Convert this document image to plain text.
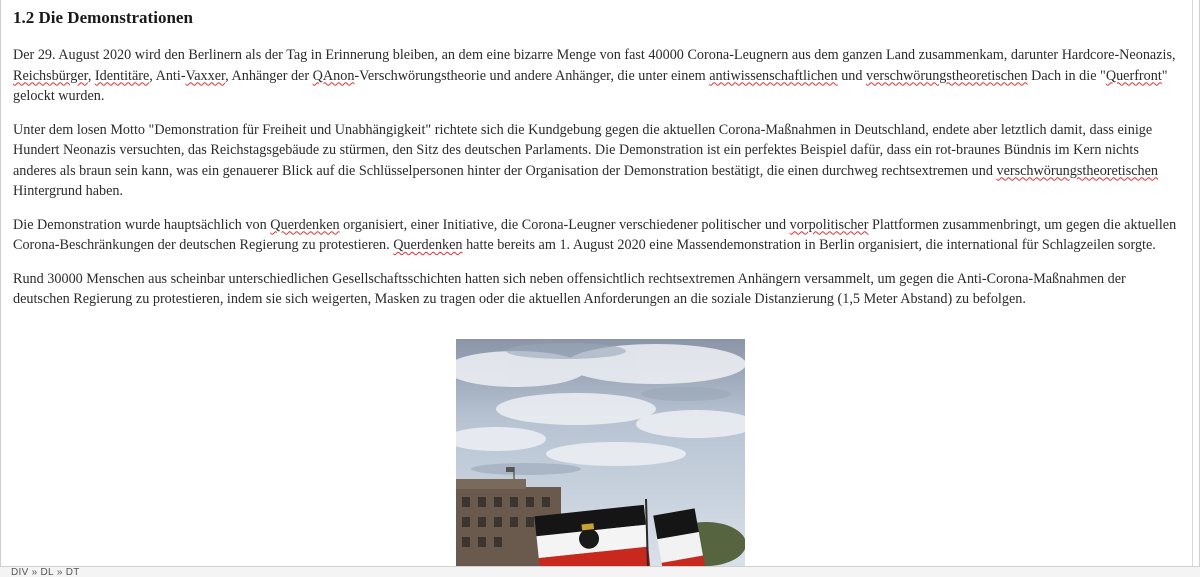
1.2 Die Demonstrationen

Der 29. August 2020 wird den Berlinern als der Tag in Erinnerung bleiben, an dem eine bizarre Menge von fast 40000 Corona-Leugnern aus dem ganzen Land zusammenkam, darunter Hardcore-Neonazis, Reichsbürger, Identitäre, Anti-Vaxxer, Anhänger der QAnon-Verschwörungstheorie und andere Anhänger, die unter einem antiwissenschaftlichen und verschwörungstheoretischen Dach in die "Querfront" gelockt wurden.

Unter dem losen Motto "Demonstration für Freiheit und Unabhängigkeit" richtete sich die Kundgebung gegen die aktuellen Corona-Maßnahmen in Deutschland, endete aber letztlich damit, dass einige Hundert Neonazis versuchten, das Reichstagsgebäude zu stürmen, den Sitz des deutschen Parlaments. Die Demonstration ist ein perfektes Beispiel dafür, dass ein rot-braunes Bündnis im Kern nichts anderes als braun sein kann, was ein genauerer Blick auf die Schlüsselpersonen hinter der Organisation der Demonstration bestätigt, die einen durchweg rechtsextremen und verschwörungstheoretischen Hintergrund haben.

Die Demonstration wurde hauptsächlich von Querdenken organisiert, einer Initiative, die Corona-Leugner verschiedener politischer und vorpolitischer Plattformen zusammenbringt, um gegen die aktuellen Corona-Beschränkungen der deutschen Regierung zu protestieren. Querdenken hatte bereits am 1. August 2020 eine Massendemonstration in Berlin organisiert, die international für Schlagzeilen sorgte.

Rund 30000 Menschen aus scheinbar unterschiedlichen Gesellschaftsschichten hatten sich neben offensichtlich rechtsextremen Anhängern versammelt, um gegen die Anti-Corona-Maßnahmen der deutschen Regierung zu protestieren, indem sie sich weigerten, Masken zu tragen oder die aktuellen Anforderungen an die soziale Distanzierung (1,5 Meter Abstand) zu befolgen.

DIV » DL » DT
